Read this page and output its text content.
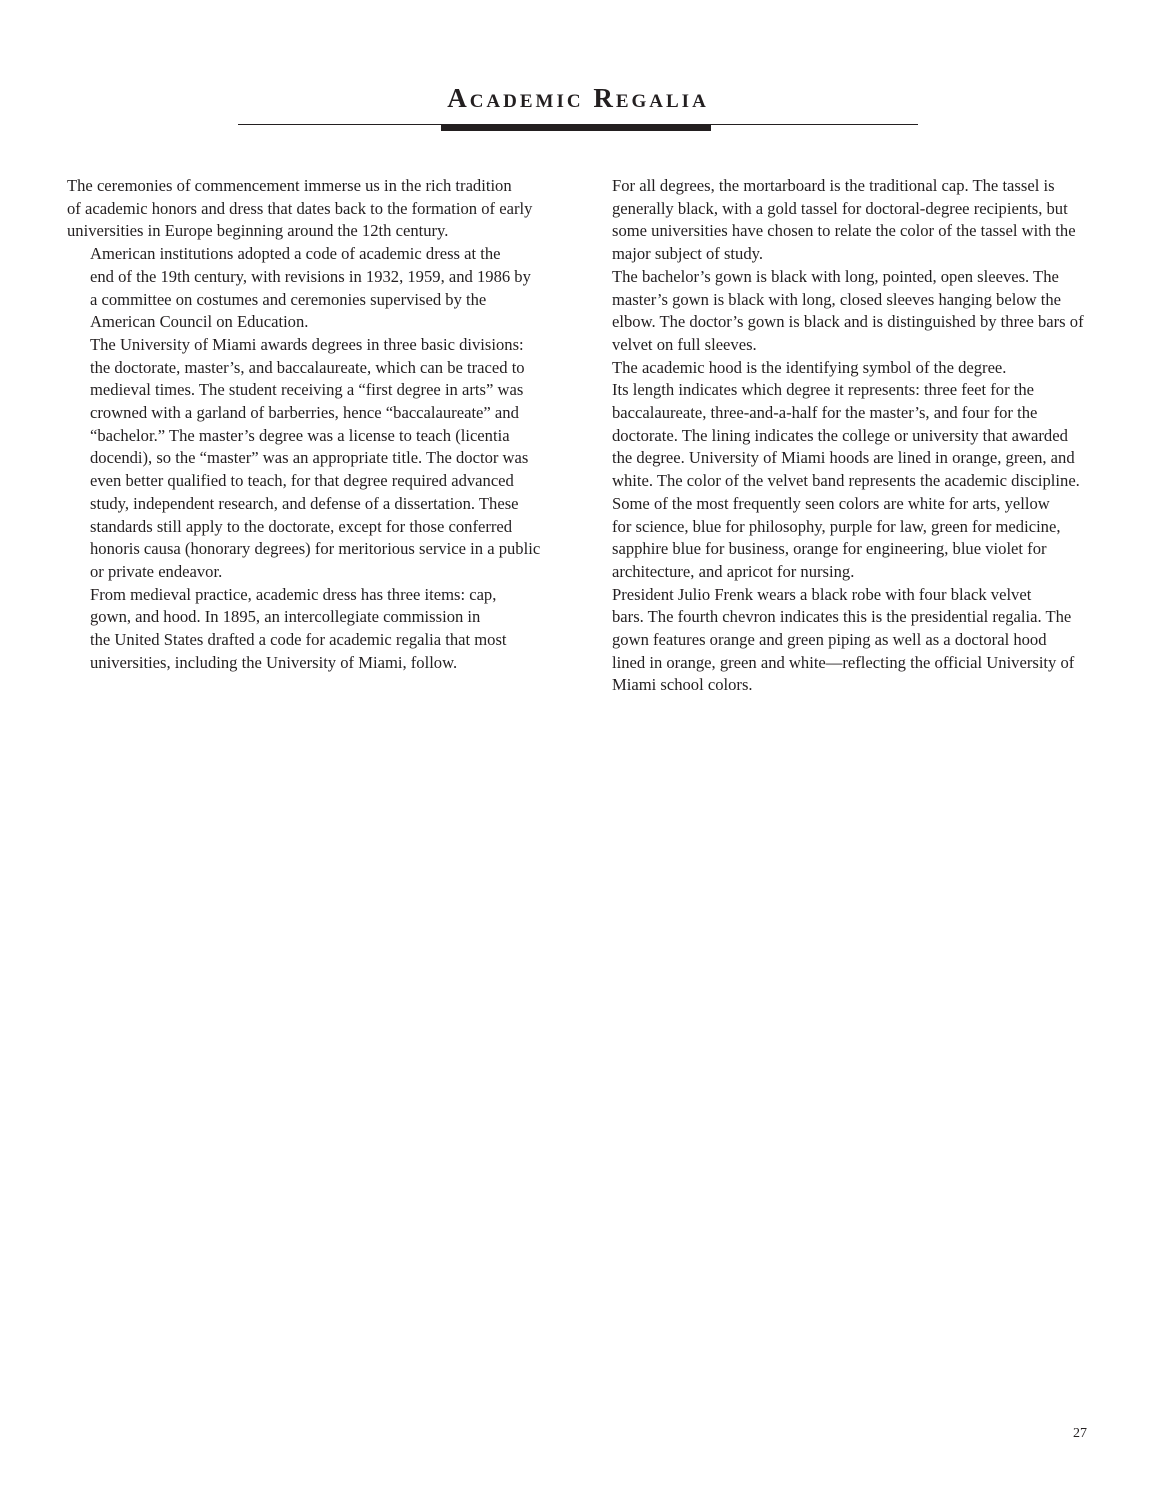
Academic Regalia

The ceremonies of commencement immerse us in the rich tradition
of academic honors and dress that dates back to the formation of early
universities in Europe beginning around the 12th century.

American institutions adopted a code of academic dress at the
end of the 19th century, with revisions in 1932, 1959, and 1986 by
a committee on costumes and ceremonies supervised by the
American Council on Education.

The University of Miami awards degrees in three basic divisions:
the doctorate, master’s, and baccalaureate, which can be traced to
medieval times. The student receiving a “first degree in arts” was
crowned with a garland of barberries, hence “baccalaureate” and
“bachelor.” The master’s degree was a license to teach (licentia
docendi), so the “master” was an appropriate title. The doctor was
even better qualified to teach, for that degree required advanced
study, independent research, and defense of a dissertation. These
standards still apply to the doctorate, except for those conferred
honoris causa (honorary degrees) for meritorious service in a public
or private endeavor.

From medieval practice, academic dress has three items: cap,
gown, and hood. In 1895, an intercollegiate commission in
the United States drafted a code for academic regalia that most
universities, including the University of Miami, follow.

For all degrees, the mortarboard is the traditional cap. The tassel is
generally black, with a gold tassel for doctoral-degree recipients, but
some universities have chosen to relate the color of the tassel with the
major subject of study.

The bachelor’s gown is black with long, pointed, open sleeves. The
master’s gown is black with long, closed sleeves hanging below the
elbow. The doctor’s gown is black and is distinguished by three bars of
velvet on full sleeves.

The academic hood is the identifying symbol of the degree.
Its length indicates which degree it represents: three feet for the
baccalaureate, three-and-a-half for the master’s, and four for the
doctorate. The lining indicates the college or university that awarded
the degree. University of Miami hoods are lined in orange, green, and
white. The color of the velvet band represents the academic discipline.
Some of the most frequently seen colors are white for arts, yellow
for science, blue for philosophy, purple for law, green for medicine,
sapphire blue for business, orange for engineering, blue violet for
architecture, and apricot for nursing.

President Julio Frenk wears a black robe with four black velvet
bars. The fourth chevron indicates this is the presidential regalia. The
gown features orange and green piping as well as a doctoral hood
lined in orange, green and white—reflecting the official University of
Miami school colors.

27
